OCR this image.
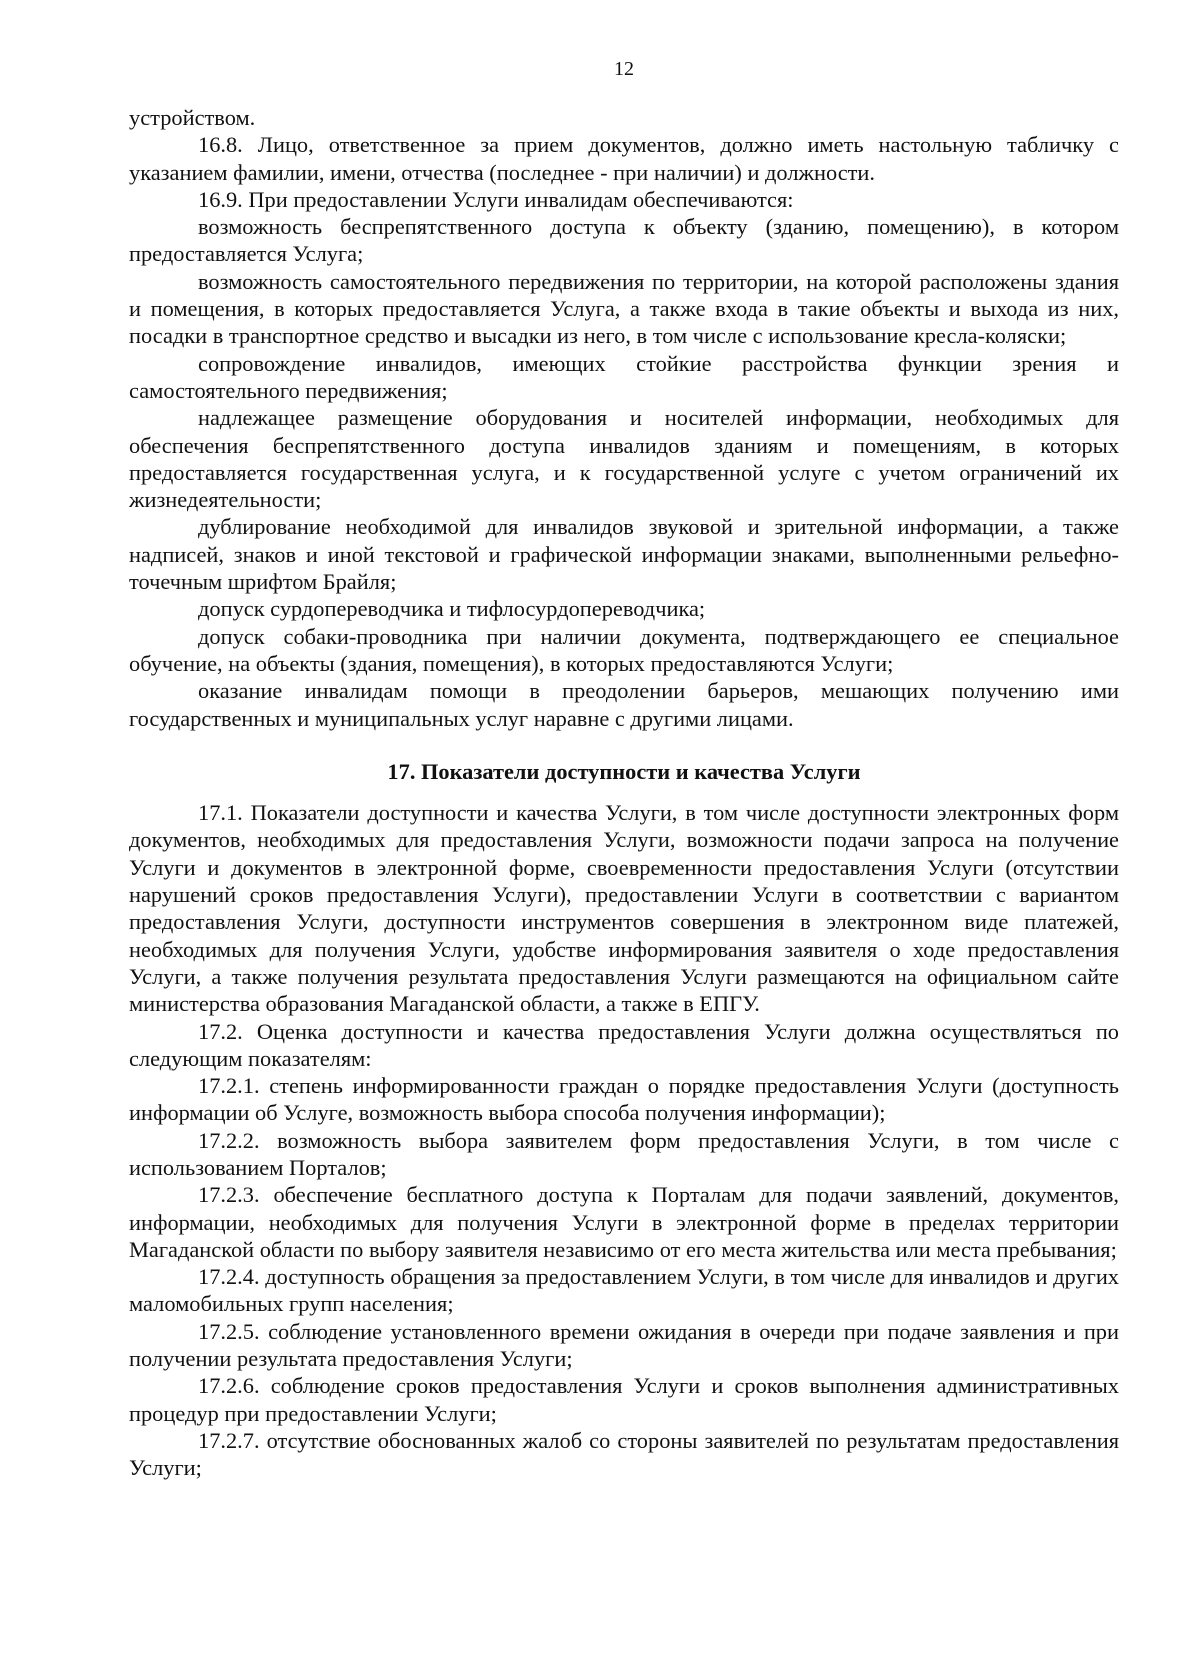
12

устройством.

16.8. Лицо, ответственное за прием документов, должно иметь настольную табличку с указанием фамилии, имени, отчества (последнее - при наличии) и должности.

16.9. При предоставлении Услуги инвалидам обеспечиваются:

возможность беспрепятственного доступа к объекту (зданию, помещению), в котором предоставляется Услуга;

возможность самостоятельного передвижения по территории, на которой расположены здания и помещения, в которых предоставляется Услуга, а также входа в такие объекты и выхода из них, посадки в транспортное средство и высадки из него, в том числе с использование кресла-коляски;

сопровождение инвалидов, имеющих стойкие расстройства функции зрения и самостоятельного передвижения;

надлежащее размещение оборудования и носителей информации, необходимых для обеспечения беспрепятственного доступа инвалидов зданиям и помещениям, в которых предоставляется государственная услуга, и к государственной услуге с учетом ограничений их жизнедеятельности;

дублирование необходимой для инвалидов звуковой и зрительной информации, а также надписей, знаков и иной текстовой и графической информации знаками, выполненными рельефно-точечным шрифтом Брайля;

допуск сурдопереводчика и тифлосурдопереводчика;

допуск собаки-проводника при наличии документа, подтверждающего ее специальное обучение, на объекты (здания, помещения), в которых предоставляются Услуги;

оказание инвалидам помощи в преодолении барьеров, мешающих получению ими государственных и муниципальных услуг наравне с другими лицами.

17. Показатели доступности и качества Услуги

17.1. Показатели доступности и качества Услуги, в том числе доступности электронных форм документов, необходимых для предоставления Услуги, возможности подачи запроса на получение Услуги и документов в электронной форме, своевременности предоставления Услуги (отсутствии нарушений сроков предоставления Услуги), предоставлении Услуги в соответствии с вариантом предоставления Услуги, доступности инструментов совершения в электронном виде платежей, необходимых для получения Услуги, удобстве информирования заявителя о ходе предоставления Услуги, а также получения результата предоставления Услуги размещаются на официальном сайте министерства образования Магаданской области, а также в ЕПГУ.

17.2. Оценка доступности и качества предоставления Услуги должна осуществляться по следующим показателям:

17.2.1. степень информированности граждан о порядке предоставления Услуги (доступность информации об Услуге, возможность выбора способа получения информации);

17.2.2. возможность выбора заявителем форм предоставления Услуги, в том числе с использованием Порталов;

17.2.3. обеспечение бесплатного доступа к Порталам для подачи заявлений, документов, информации, необходимых для получения Услуги в электронной форме в пределах территории Магаданской области по выбору заявителя независимо от его места жительства или места пребывания;

17.2.4. доступность обращения за предоставлением Услуги, в том числе для инвалидов и других маломобильных групп населения;

17.2.5. соблюдение установленного времени ожидания в очереди при подаче заявления и при получении результата предоставления Услуги;

17.2.6. соблюдение сроков предоставления Услуги и сроков выполнения административных процедур при предоставлении Услуги;

17.2.7. отсутствие обоснованных жалоб со стороны заявителей по результатам предоставления Услуги;
